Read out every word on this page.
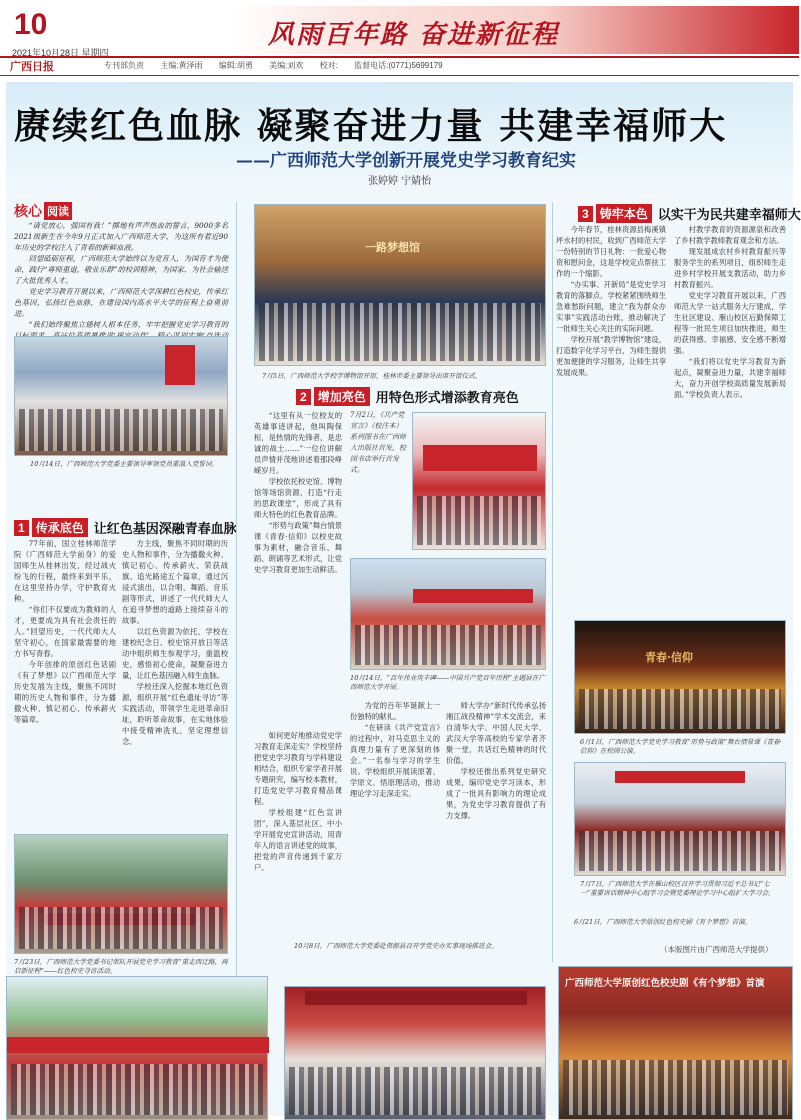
10
2021年10月28日 星期四
风雨百年路 奋进新征程
广西日报	专刊部负责 主编:黄泽雨 编辑:胡勇 美编:刘欢 校对: 监督电话:(0771)5699179
赓续红色血脉 凝聚奋进力量 共建幸福师大
——广西师范大学创新开展党史学习教育纪实
张婷婷 宁婧怡
核心 阅读

“请党放心，强国有我！”掷地有声声热血的誓言，9000多名2021级新生在今年9月正式加入广西师范大学，为这所有着近90年历史的学校注入了青春的新鲜血液。

回望砥砺征程，广西师范大学始终以为党育人，为国育才为使命，践行“尊师重道，敬业乐群”的校训精神，为国家、为社会输送了大批优秀人才。

党史学习教育开展以来，广西师范大学深耕红色校史，传承红色基因，弘扬红色血脉，在建设国内高水平大学的征程上奋勇前进。

“我们始终聚焦立德树人根本任务，牢牢把握党史学习教育的

10月14日，广西师范大学党委主要领导率领党员重温入党誓词。
1 传承底色 让红色基因深融青春血脉

77年前，国立桂林师范学院（广西师范大学前身）的爱国师生从桂林出发，经过战火纷飞的行程，最终来到平乐，在这里坚持办学，守护教育火种。

“你们不仅要成为教师的人才，更要成为具有社会责任的人。”回望历史，一代代师大人坚守初心，在国家最需要的地方书写青春。

今年创排的原创红色话剧《有了梦想》以广西师范大学历史发展为主线，聚焦不同时期的历史人物和事件，分为播撒火种、慎记初心、传承薪火等篇章。

方主线，聚焦不同时期的历史人物和事件，分为播撒火种、慎记初心、传承薪火、荣获战旗、追光路途五个篇章，通过沉浸式演出，以合唱、舞蹈、音乐剧等形式，讲述了一代代师大人在追寻梦想的道路上接续奋斗的故事。

以红色资源为依托，学校在建校纪念日、校史馆开放日等活动中组织师生参观学习，重温校史，感悟初心使命，凝聚奋进力量，让红色基因融入师生血脉。

学校还深入挖掘本地红色资源，组织开展“红色遗址寻访”等实践活动，带领学生走进革命旧址，聆听革命故事，在实地体验中接受精神洗礼，坚定理想信念。

7月23日，广西师范大学党委书记带队开展党史学习教育“重走西迁路，再启新征程”——红色校史寻访活动。
一路梦想馆
7月5日，广西师范大学校学博物馆开馆，桂林市委主要领导出席开馆仪式。
2 增加亮色 用特色形式增添教育亮色

“这里有从一位校友的英雄事迹讲起，他叫陶保桓，是热情的先锋者，是忠诚的战士……”一位位讲解员声情并茂地讲述着那段峥嵘岁月。

学校依托校史馆、博物馆等场馆资源，打造“行走的思政课堂”，形成了具有师大特色的红色教育品牌。

“形势与政策”舞台情景课《青春·信仰》以校史故事为素材，融合音乐、舞蹈、朗诵等艺术形式，让党史学习教育更加生动鲜活。

7月2日，《共产党宣言》（校注本）系列图书在广西师大出版社首发，校园书店举行首发式。
10月14日，“百年伟业筑丰碑——中国共产党百年历程”主题展在广西师范大学开展。

如何更好地推动党史学习教育走深走实？学校坚持把党史学习教育与学科建设相结合，组织专家学者开展专题研究，编写校本教材，打造党史学习教育精品课程。

学校组建“红色宣讲团”，深入基层社区、中小学开展党史宣讲活动，用青年人的语言讲述党的故事，把党的声音传递到千家万户。

为党的百年华诞献上一份独特的献礼。

“在研读《共产党宣言》的过程中，对马克思主义的真理力量有了更深刻的体会。”一名参与学习的学生说。学校组织开展读原著、学原文、悟原理活动，推动理论学习走深走实。

师大学办“新时代传承弘扬湘江战役精神”学术交流会，来自清华大学、中国人民大学、武汉大学等高校的专家学者齐聚一堂，共话红色精神的时代价值。

学校还推出系列党史研究成果，编印党史学习读本，形成了一批具有影响力的理论成果，为党史学习教育提供了有力支撑。

10月8日，广西师范大学党委赴资源县召开学党史办实事现场推进会。
3 铸牢本色 以实干为民共建幸福师大

今年春节，桂林资源县梅溪镇坪水村的村民，收到广西师范大学一份特别的节日礼物：一批爱心物资和慰问金，这是学校定点帮扶工作的一个缩影。

“办实事、开新局”是党史学习教育的落脚点。学校紧紧围绕师生急难愁盼问题，建立“我为群众办实事”实践活动台账，推动解决了一批师生关心关注的实际问题。

学校开展“教学博物馆”建设，打造数字化学习平台，为师生提供更加便捷的学习服务，让师生共享发展成果。

村教学教育的资源源泉和改善了乡村教学教师教育观念和方法。

现发展成农村乡村教育振兴等服务学生的系列项目，组织师生走进乡村学校开展支教活动，助力乡村教育振兴。

党史学习教育开展以来，广西师范大学一站式服务大厅建成，学生社区建设、雁山校区后勤保障工程等一批民生项目加快推进，师生的获得感、幸福感、安全感不断增强。

“我们将以党史学习教育为新起点，凝聚奋进力量，共建幸福师大，奋力开创学校高质量发展新局面。”学校负责人表示。

青春·信仰
6月1日，广西师范大学党史学习教育“形势与政策”舞台情景课《青春·信仰》在校园公演。
7月7日，广西师范大学在雁山校区召开学习贯彻习近平总书记“七一”重要讲话精神中心组学习会暨党委理论学习中心组扩大学习会。
6月21日，广西师范大学原创红色校史剧《有个梦想》首演。
（本版图片由广西师范大学提供）
广西师范大学原创红色校史剧《有个梦想》首演
